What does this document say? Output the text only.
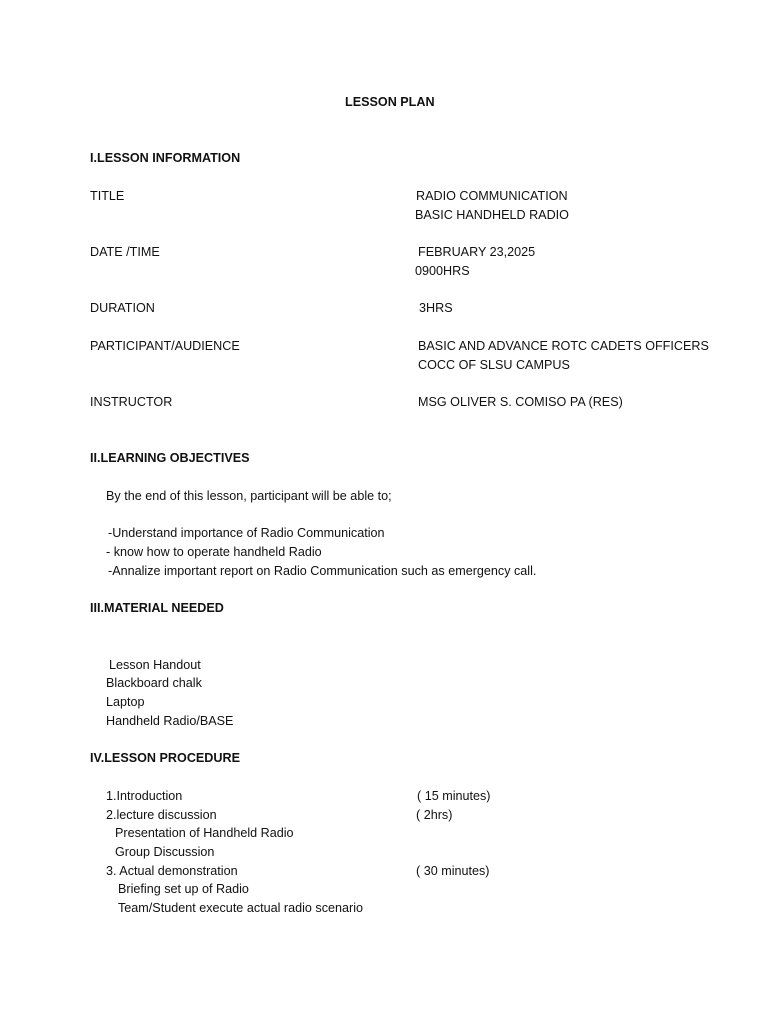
LESSON PLAN
I.LESSON INFORMATION
TITLE	RADIO COMMUNICATION
BASIC HANDHELD RADIO
DATE /TIME	FEBRUARY 23,2025
0900HRS
DURATION	3HRS
PARTICIPANT/AUDIENCE	BASIC AND ADVANCE ROTC CADETS OFFICERS
COCC OF SLSU CAMPUS
INSTRUCTOR	MSG OLIVER S. COMISO PA (RES)
II.LEARNING OBJECTIVES
By the end of this lesson, participant will be able to;
-Understand importance of Radio Communication
- know how to operate handheld Radio
-Annalize important report on Radio Communication such as emergency call.
III.MATERIAL NEEDED
Lesson Handout
Blackboard chalk
Laptop
Handheld Radio/BASE
IV.LESSON PROCEDURE
1.Introduction	( 15 minutes)
2.lecture discussion	( 2hrs)
Presentation of Handheld Radio
Group Discussion
3. Actual demonstration	( 30 minutes)
Briefing set up of Radio
Team/Student execute actual radio scenario
